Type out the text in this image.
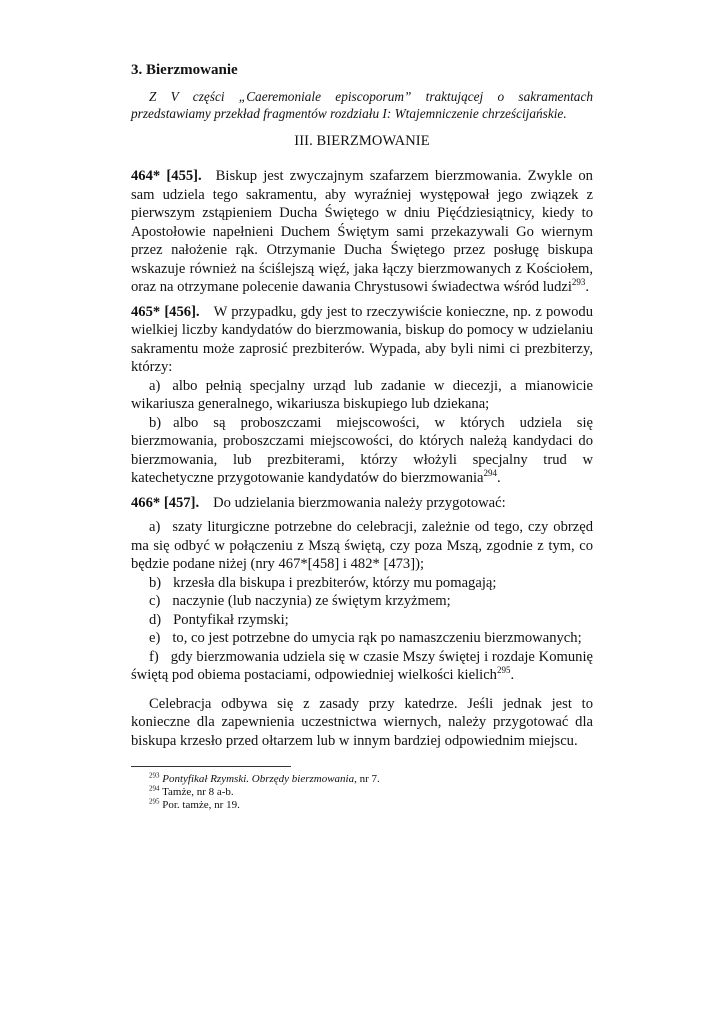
3. Bierzmowanie

Z V części „Caeremoniale episcoporum” traktującej o sakramentach przedstawiamy przekład fragmentów rozdziału I: Wtajemniczenie chrześcijańskie.

III. BIERZMOWANIE

464* [455]. Biskup jest zwyczajnym szafarzem bierzmowania. Zwykle on sam udziela tego sakramentu, aby wyraźniej występował jego związek z pierwszym zstąpieniem Ducha Świętego w dniu Pięćdziesiątnicy, kiedy to Apostołowie napełnieni Duchem Świętym sami przekazywali Go wiernym przez nałożenie rąk. Otrzymanie Ducha Świętego przez posługę biskupa wskazuje również na ściślejszą więź, jaka łączy bierzmowanych z Kościołem, oraz na otrzymane polecenie dawania Chrystusowi świadectwa wśród ludzi$^{293}$.

465* [456]. W przypadku, gdy jest to rzeczywiście konieczne, np. z powodu wielkiej liczby kandydatów do bierzmowania, biskup do pomocy w udzielaniu sakramentu może zaprosić prezbiterów. Wypada, aby byli nimi ci prezbiterzy, którzy:

a) albo pełnią specjalny urząd lub zadanie w diecezji, a mianowicie wikariusza generalnego, wikariusza biskupiego lub dziekana;

b) albo są proboszczami miejscowości, w których udziela się bierzmowania, proboszczami miejscowości, do których należą kandydaci do bierzmowania, lub prezbiterami, którzy włożyli specjalny trud w katechetyczne przygotowanie kandydatów do bierzmowania$^{294}$.

466* [457]. Do udzielania bierzmowania należy przygotować:

a) szaty liturgiczne potrzebne do celebracji, zależnie od tego, czy obrzęd ma się odbyć w połączeniu z Mszą świętą, czy poza Mszą, zgodnie z tym, co będzie podane niżej (nry 467*[458] i 482* [473]);

b) krzesła dla biskupa i prezbiterów, którzy mu pomagają;

c) naczynie (lub naczynia) ze świętym krzyżmem;

d) Pontyfikał rzymski;

e) to, co jest potrzebne do umycia rąk po namaszczeniu bierzmowanych;

f) gdy bierzmowania udziela się w czasie Mszy świętej i rozdaje Komunię świętą pod obiema postaciami, odpowiedniej wielkości kielich$^{295}$.

Celebracja odbywa się z zasady przy katedrze. Jeśli jednak jest to konieczne dla zapewnienia uczestnictwa wiernych, należy przygotować dla biskupa krzesło przed ołtarzem lub w innym bardziej odpowiednim miejscu.

$^{293}$ Pontyfikał Rzymski. Obrzędy bierzmowania, nr 7.

$^{294}$ Tamże, nr 8 a-b.

$^{295}$ Por. tamże, nr 19.
